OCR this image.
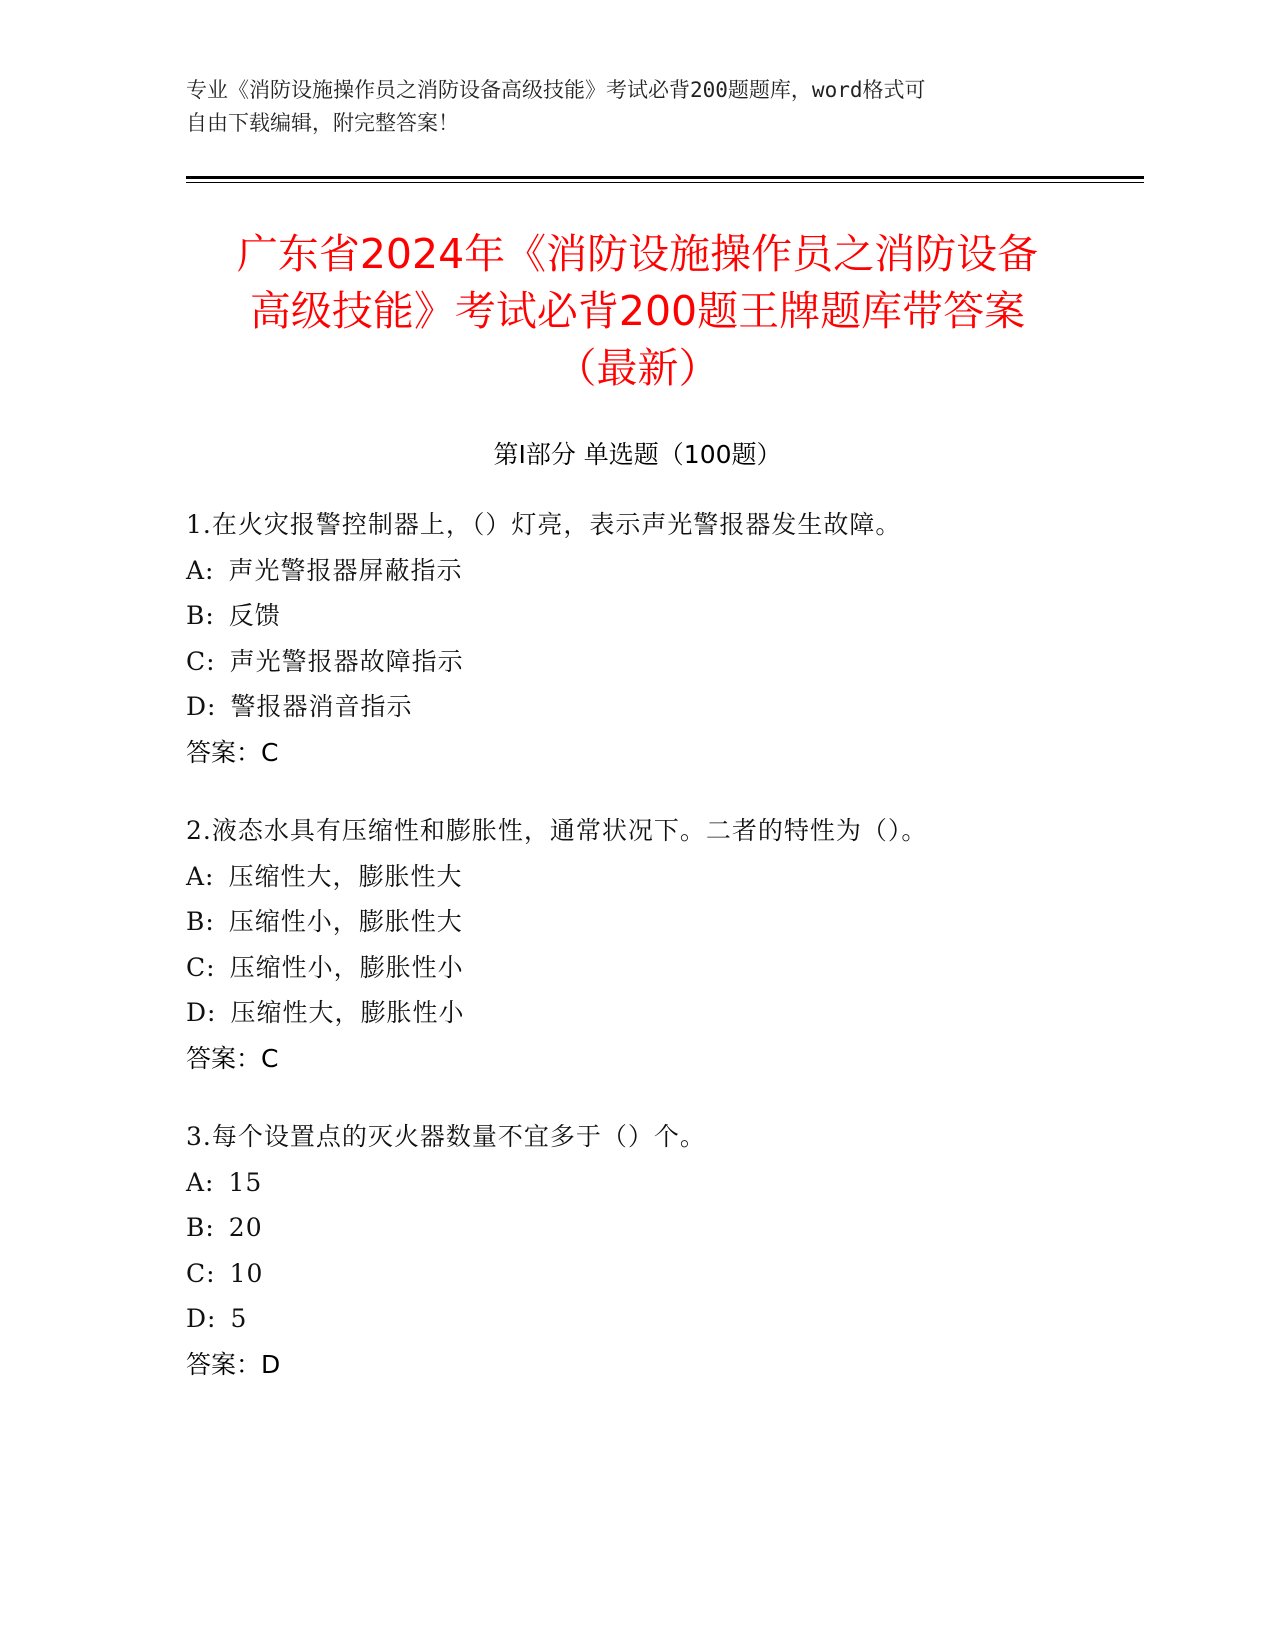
专业《消防设施操作员之消防设备高级技能》考试必背200题题库，word格式可
自由下载编辑，附完整答案！
广东省2024年《消防设施操作员之消防设备
高级技能》考试必背200题王牌题库带答案
（最新）
第Ⅰ部分 单选题（100题）
1.在火灾报警控制器上，（）灯亮，表示声光警报器发生故障。
A: 声光警报器屏蔽指示
B: 反馈
C: 声光警报器故障指示
D: 警报器消音指示
答案：C
2.液态水具有压缩性和膨胀性，通常状况下。二者的特性为（）。
A: 压缩性大，膨胀性大
B: 压缩性小，膨胀性大
C: 压缩性小，膨胀性小
D: 压缩性大，膨胀性小
答案：C
3.每个设置点的灭火器数量不宜多于（）个。
A: 15
B: 20
C: 10
D: 5
答案：D
